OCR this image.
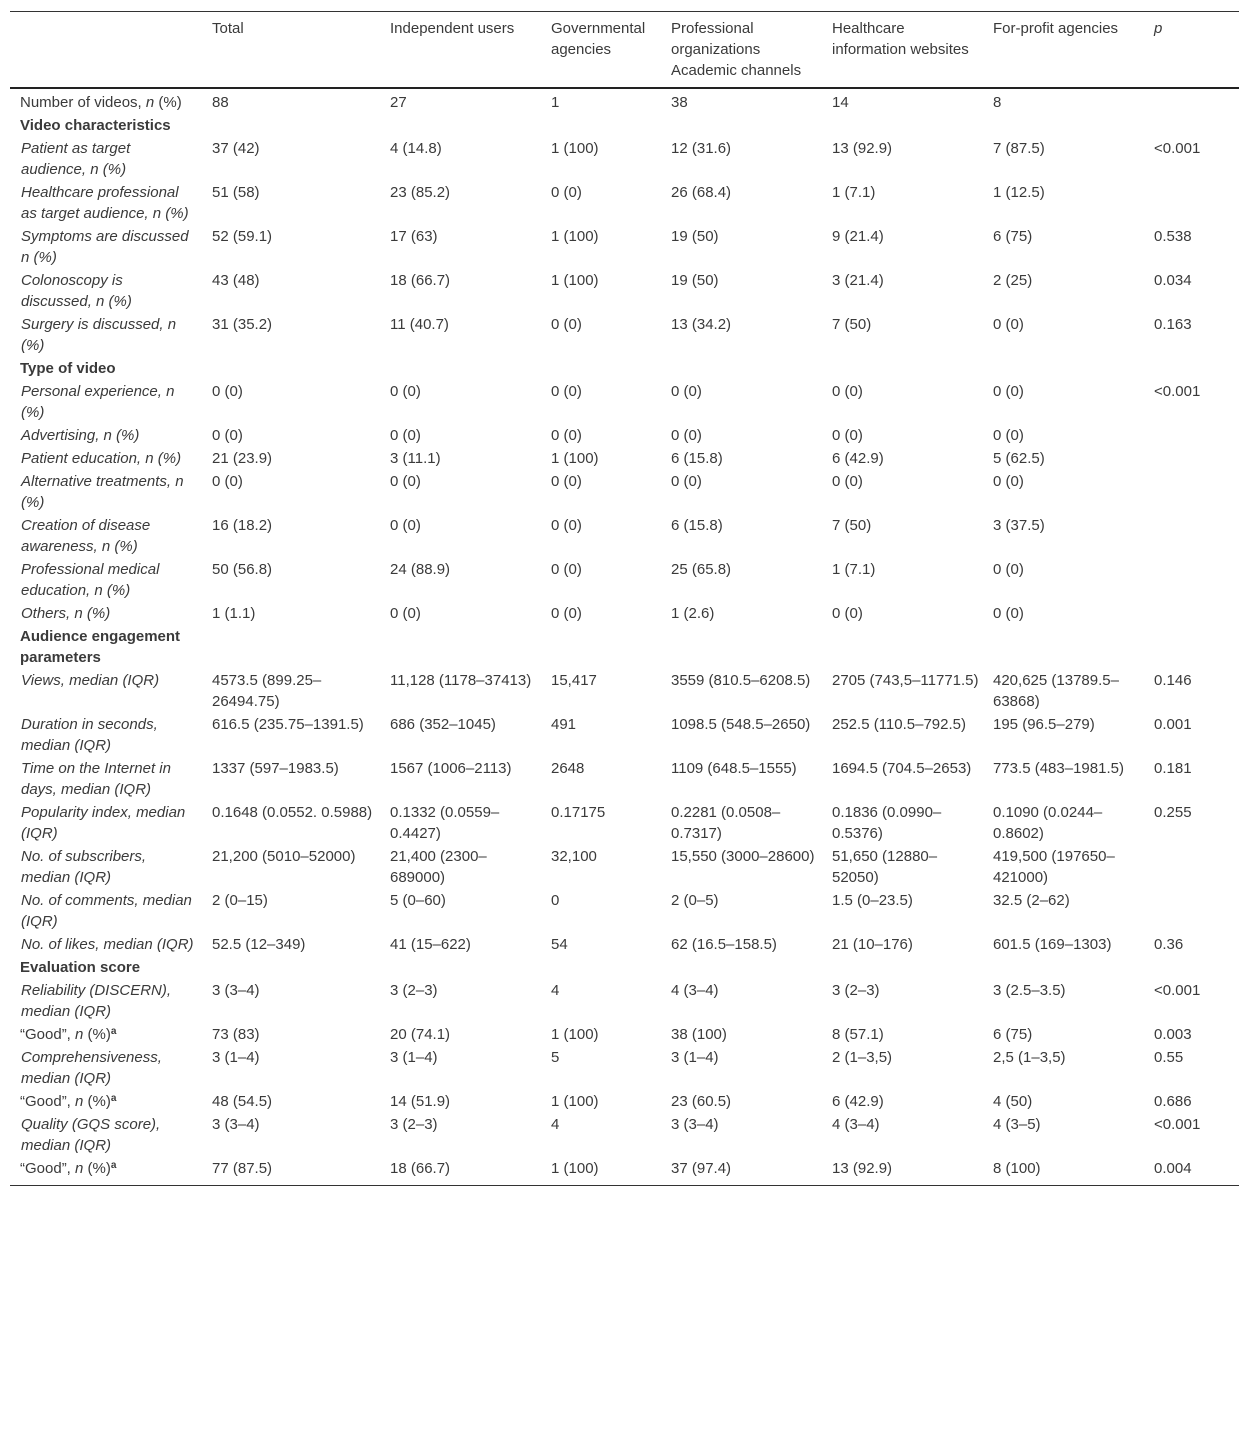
	Total	Independent users	Governmental agencies	Professional organizations Academic channels	Healthcare information websites	For-profit agencies	p
Number of videos, n (%)	88	27	1	38	14	8	
Video characteristics							
Patient as target audience, n (%)	37 (42)	4 (14.8)	1 (100)	12 (31.6)	13 (92.9)	7 (87.5)	<0.001
Healthcare professional as target audience, n (%)	51 (58)	23 (85.2)	0 (0)	26 (68.4)	1 (7.1)	1 (12.5)	
Symptoms are discussed n (%)	52 (59.1)	17 (63)	1 (100)	19 (50)	9 (21.4)	6 (75)	0.538
Colonoscopy is discussed, n (%)	43 (48)	18 (66.7)	1 (100)	19 (50)	3 (21.4)	2 (25)	0.034
Surgery is discussed, n (%)	31 (35.2)	11 (40.7)	0 (0)	13 (34.2)	7 (50)	0 (0)	0.163
Type of video							
Personal experience, n (%)	0 (0)	0 (0)	0 (0)	0 (0)	0 (0)	0 (0)	<0.001
Advertising, n (%)	0 (0)	0 (0)	0 (0)	0 (0)	0 (0)	0 (0)	
Patient education, n (%)	21 (23.9)	3 (11.1)	1 (100)	6 (15.8)	6 (42.9)	5 (62.5)	
Alternative treatments, n (%)	0 (0)	0 (0)	0 (0)	0 (0)	0 (0)	0 (0)	
Creation of disease awareness, n (%)	16 (18.2)	0 (0)	0 (0)	6 (15.8)	7 (50)	3 (37.5)	
Professional medical education, n (%)	50 (56.8)	24 (88.9)	0 (0)	25 (65.8)	1 (7.1)	0 (0)	
Others, n (%)	1 (1.1)	0 (0)	0 (0)	1 (2.6)	0 (0)	0 (0)	
Audience engagement parameters							
Views, median (IQR)	4573.5 (899.25–26494.75)	11,128 (1178–37413)	15,417	3559 (810.5–6208.5)	2705 (743,5–11771.5)	420,625 (13789.5–63868)	0.146
Duration in seconds, median (IQR)	616.5 (235.75–1391.5)	686 (352–1045)	491	1098.5 (548.5–2650)	252.5 (110.5–792.5)	195 (96.5–279)	0.001
Time on the Internet in days, median (IQR)	1337 (597–1983.5)	1567 (1006–2113)	2648	1109 (648.5–1555)	1694.5 (704.5–2653)	773.5 (483–1981.5)	0.181
Popularity index, median (IQR)	0.1648 (0.0552. 0.5988)	0.1332 (0.0559–0.4427)	0.17175	0.2281 (0.0508–0.7317)	0.1836 (0.0990–0.5376)	0.1090 (0.0244–0.8602)	0.255
No. of subscribers, median (IQR)	21,200 (5010–52000)	21,400 (2300–689000)	32,100	15,550 (3000–28600)	51,650 (12880–52050)	419,500 (197650–421000)	
No. of comments, median (IQR)	2 (0–15)	5 (0–60)	0	2 (0–5)	1.5 (0–23.5)	32.5 (2–62)	
No. of likes, median (IQR)	52.5 (12–349)	41 (15–622)	54	62 (16.5–158.5)	21 (10–176)	601.5 (169–1303)	0.36
Evaluation score							
Reliability (DISCERN), median (IQR)	3 (3–4)	3 (2–3)	4	4 (3–4)	3 (2–3)	3 (2.5–3.5)	<0.001
“Good”, n (%)$^a$	73 (83)	20 (74.1)	1 (100)	38 (100)	8 (57.1)	6 (75)	0.003
Comprehensiveness, median (IQR)	3 (1–4)	3 (1–4)	5	3 (1–4)	2 (1–3,5)	2,5 (1–3,5)	0.55
“Good”, n (%)$^a$	48 (54.5)	14 (51.9)	1 (100)	23 (60.5)	6 (42.9)	4 (50)	0.686
Quality (GQS score), median (IQR)	3 (3–4)	3 (2–3)	4	3 (3–4)	4 (3–4)	4 (3–5)	<0.001
“Good”, n (%)$^a$	77 (87.5)	18 (66.7)	1 (100)	37 (97.4)	13 (92.9)	8 (100)	0.004
